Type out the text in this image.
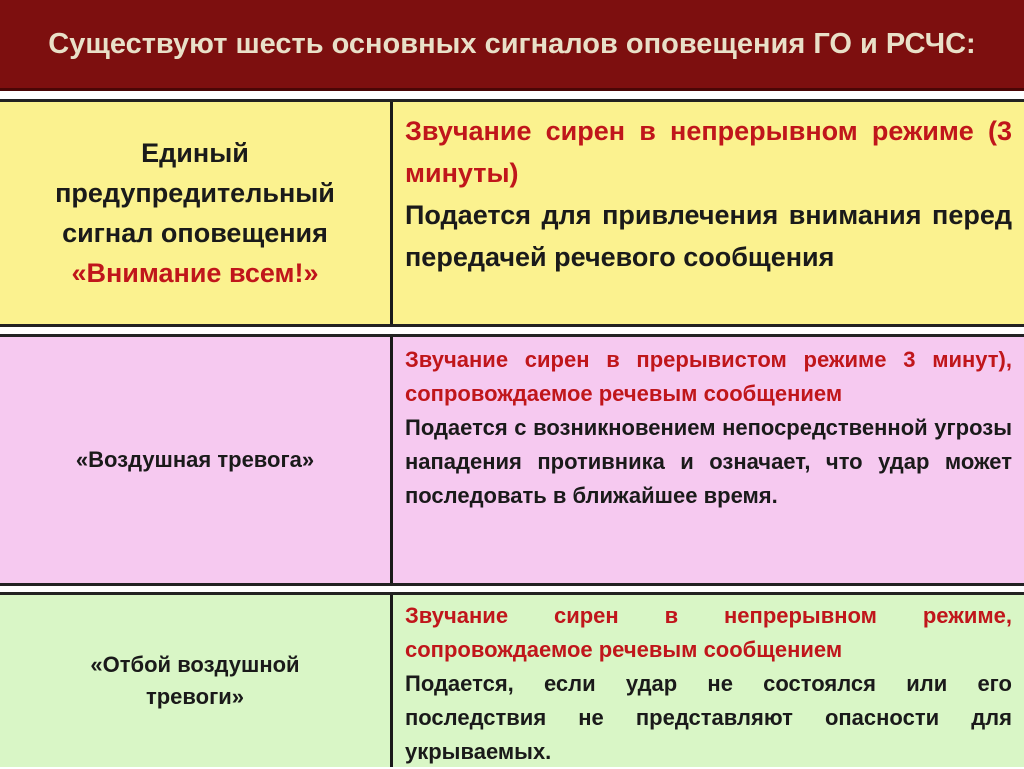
Существуют шесть основных сигналов оповещения ГО и РСЧС:
Единый
предупредительный
сигнал оповещения
«Внимание всем!»

Звучание сирен в непрерывном режиме (3 минуты)

Подается для привлечения внимания перед передачей речевого сообщения

«Воздушная тревога»

Звучание сирен в прерывистом режиме 3 минут), сопровождаемое речевым сообщением

Подается с возникновением непосредственной угрозы нападения противника и означает, что удар может последовать в ближайшее время.

«Отбой воздушной
тревоги»

Звучание сирен в непрерывном режиме, сопровождаемое речевым сообщением

Подается, если удар не состоялся или его последствия не представляют опасности для укрываемых.
